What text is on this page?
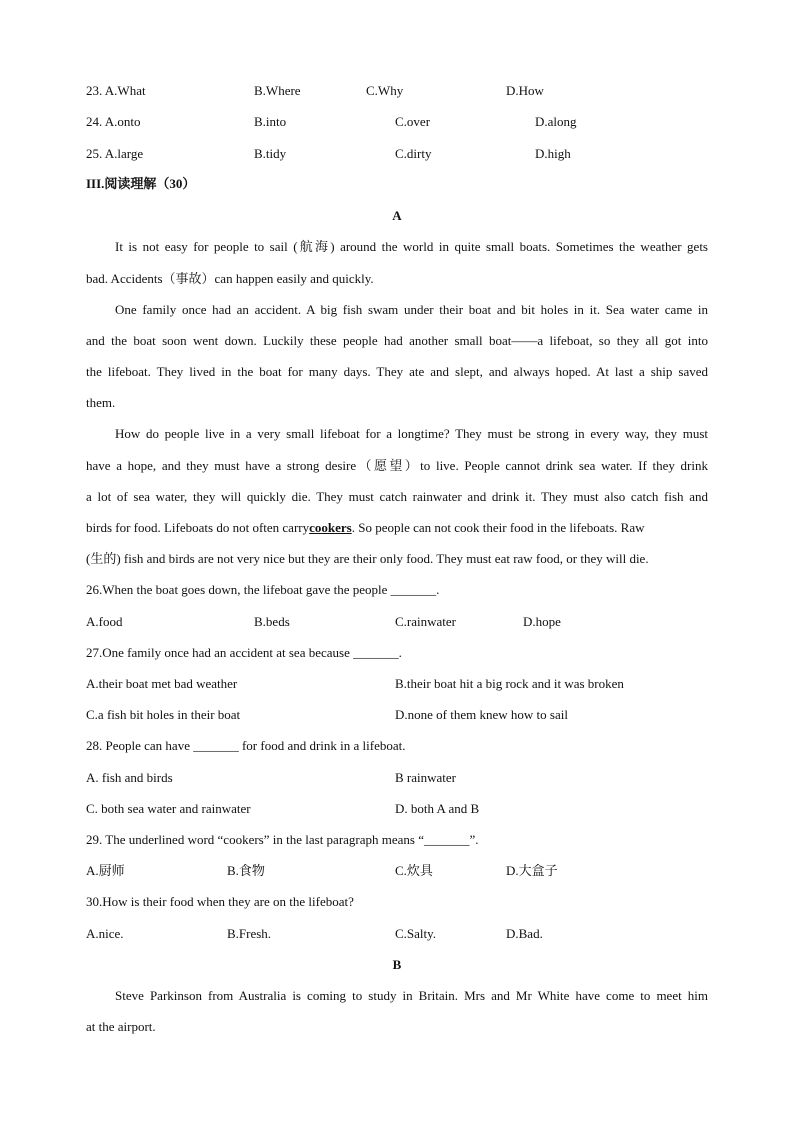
23. A.What	B.Where	C.Why	D.How
24. A.onto	B.into	C.over	D.along
25. A.large	B.tidy	C.dirty	D.high
III.阅读理解（30）
A
It is not easy for people to sail (航海) around the world in quite small boats. Sometimes the weather gets
bad. Accidents（事故）can happen easily and quickly.
One family once had an accident. A big fish swam under their boat and bit holes in it. Sea water came in
and the boat soon went down. Luckily these people had another small boat——a lifeboat, so they all got into
the lifeboat. They lived in the boat for many days. They ate and slept, and always hoped. At last a ship saved
them.
How do people live in a very small lifeboat for a longtime? They must be strong in every way, they must
have a hope, and they must have a strong desire（愿望）to live. People cannot drink sea water. If they drink
a lot of sea water, they will quickly die. They must catch rainwater and drink it. They must also catch fish and
birds for food. Lifeboats do not often carry cookers. So people can not cook their food in the lifeboats. Raw
(生的) fish and birds are not very nice but they are their only food. They must eat raw food, or they will die.
26.When the boat goes down, the lifeboat gave the people _______.
A.food	B.beds	C.rainwater	D.hope
27.One family once had an accident at sea because _______.
A.their boat met bad weather	B.their boat hit a big rock and it was broken
C.a fish bit holes in their boat	D.none of them knew how to sail
28. People can have _______ for food and drink in a lifeboat.
A. fish and birds	B rainwater
C. both sea water and rainwater	D. both A and B
29. The underlined word “cookers” in the last paragraph means “_______”.
A.厨师	B.食物	C.炊具	D.大盒子
30.How is their food when they are on the lifeboat?
A.nice.	B.Fresh.	C.Salty.	D.Bad.
B
Steve Parkinson from Australia is coming to study in Britain. Mrs and Mr White have come to meet him
at the airport.
